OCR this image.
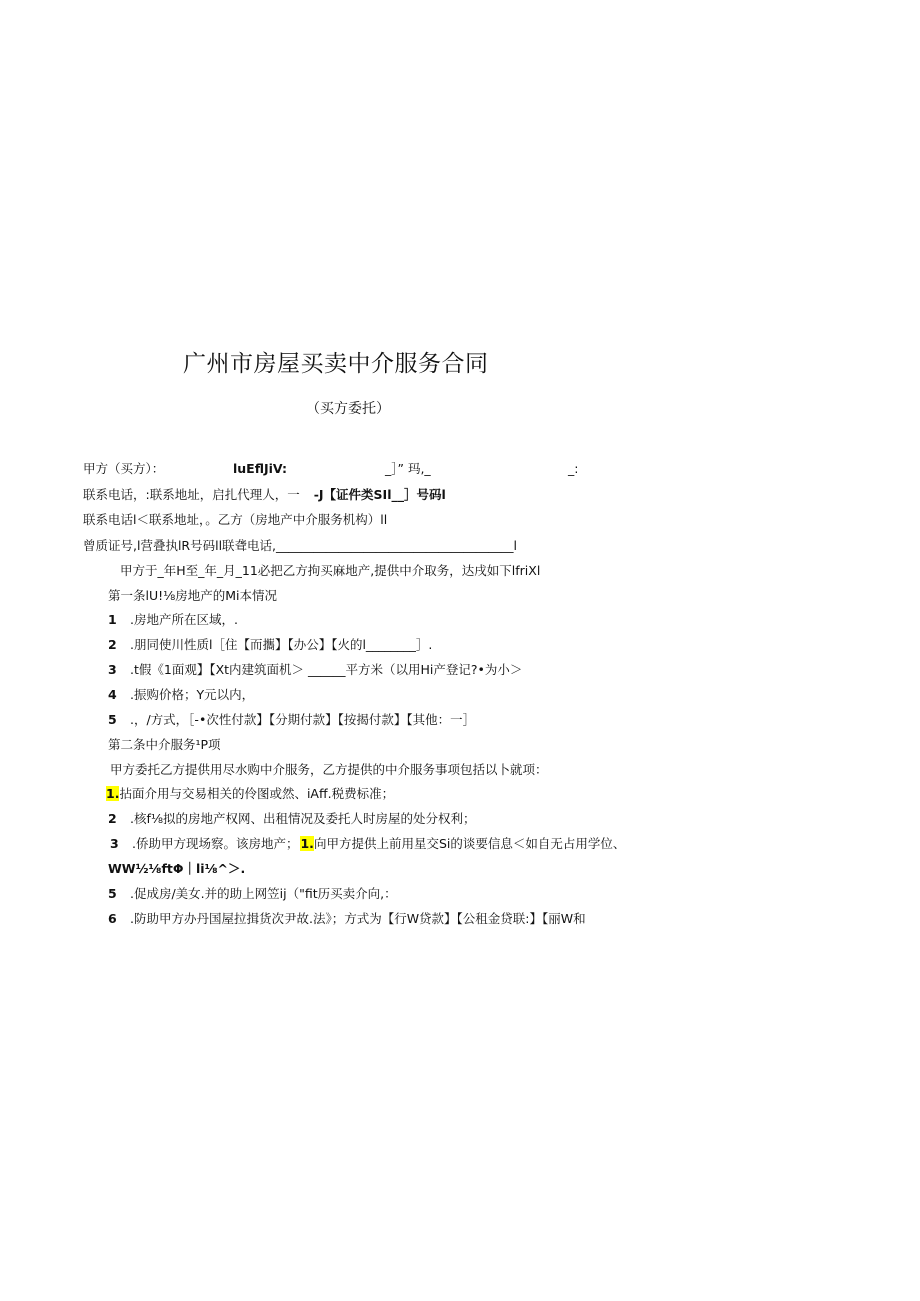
广州市房屋买卖中介服务合同
（买方委托）
甲方（买方）：	luEflJiV:	_］” 玛,_	_:
联系电话，:联系地址，启扎代理人，一 -J【证件类SIl__］号码l
联系电话l＜联系地址，。乙方（房地产中介服务机构）ll
曾质证号,l营叠执lR号码ll联聋电话,______________________________________l
甲方于_年H至_年_月_11必把乙方拘买麻地产,提供中介取务，达戌如下lfriXl
第一条lU!⅛房地产的Mi本情况
1 .房地产所在区域，.
2 .朋同使川性质l［住【而攜】【办公】【火的l________］.
3 .t假《1面观】【Xt内建筑面机＞ ______平方米（以用Hi产登记?•为小＞
4 .振购价格；Y元以内，
5 .，/方式，［-•次性付款】【分期付款】【按揭付款】【其他：一］
第二条中介服务¹P项
甲方委托乙方提供用尽水购中介服务，乙方提供的中介服务事项包括以卜就项：
1.拈面介用与交易相关的伶图或然、iAff.税费标准；
2 .核f⅛拟的房地产权网、出租情况及委托人时房屋的处分权利；
3 .侨助甲方现场察。该房地产； 1.向甲方提供上前用星交Si的谈要信息＜如自无占用学位、
WW½⅛ftΦ｜li⅛^＞.
5 .促成房/美女.并的助上网笠ij（"fit历买卖介向,：
6 .防助甲方办丹国屋拉揖货次尹故.法》；方式为【行W贷款】【公租金贷联:】【丽W和
